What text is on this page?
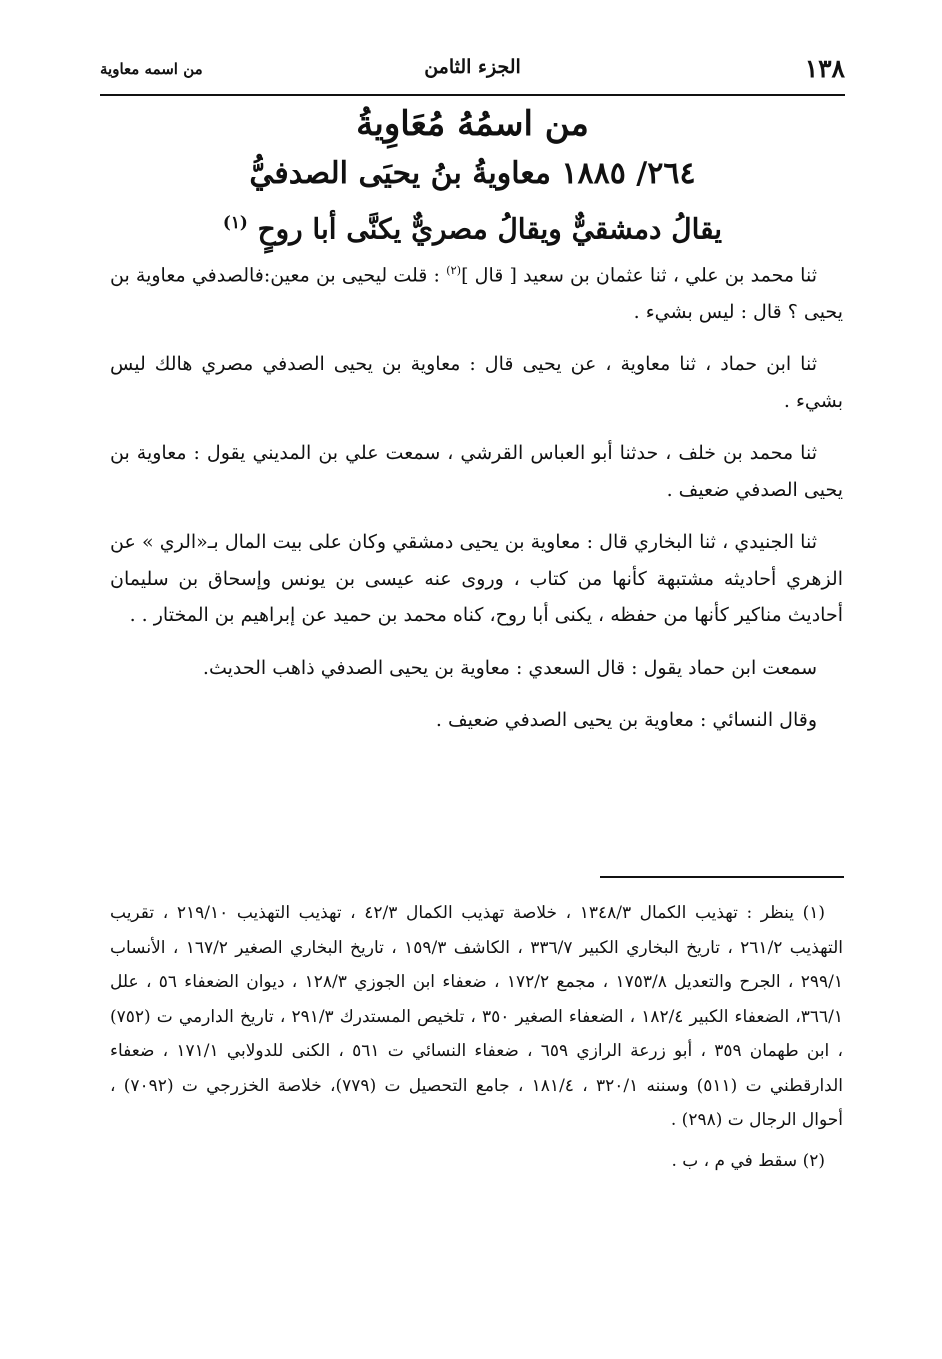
١٣٨
الجزء الثامن
من اسمه معاوية
من اسمُهُ مُعَاوِيةُ
٢٦٤/ ١٨٨٥ معاويةُ بنُ يحيَى الصدفيُّ
يقالُ دمشقيٌّ ويقالُ مصريٌّ يكنَّى أبا روحٍ $^{(١)}$

ثنا محمد بن علي ، ثنا عثمان بن سعيد [ قال ]$^{(٢)}$ : قلت ليحيى بن معين:فالصدفي معاوية بن يحيى ؟ قال : ليس بشيء .

ثنا ابن حماد ، ثنا معاوية ، عن يحيى قال : معاوية بن يحيى الصدفي مصري هالك ليس بشيء .

ثنا محمد بن خلف ، حدثنا أبو العباس القرشي ، سمعت علي بن المديني يقول : معاوية بن يحيى الصدفي ضعيف .

ثنا الجنيدي ، ثنا البخاري قال : معاوية بن يحيى دمشقي وكان على بيت المال بـ«الري » عن الزهري أحاديثه مشتبهة كأنها من كتاب ، وروى عنه عيسى بن يونس وإسحاق بن سليمان أحاديث مناكير كأنها من حفظه ، يكنى أبا روح، كناه محمد بن حميد عن إبراهيم بن المختار . .

سمعت ابن حماد يقول : قال السعدي : معاوية بن يحيى الصدفي ذاهب الحديث.

وقال النسائي : معاوية بن يحيى الصدفي ضعيف .

(١) ينظر : تهذيب الكمال ١٣٤٨/٣ ، خلاصة تهذيب الكمال ٤٢/٣ ، تهذيب التهذيب ٢١٩/١٠ ، تقريب التهذيب ٢٦١/٢ ، تاريخ البخاري الكبير ٣٣٦/٧ ، الكاشف ١٥٩/٣ ، تاريخ البخاري الصغير ١٦٧/٢ ، الأنساب ٢٩٩/١ ، الجرح والتعديل ١٧٥٣/٨ ، مجمع ١٧٢/٢ ، ضعفاء ابن الجوزي ١٢٨/٣ ، ديوان الضعفاء ٥٦ ، علل ٣٦٦/١، الضعفاء الكبير ١٨٢/٤ ، الضعفاء الصغير ٣٥٠ ، تلخيص المستدرك ٢٩١/٣ ، تاريخ الدارمي ت (٧٥٢) ، ابن طهمان ٣٥٩ ، أبو زرعة الرازي ٦٥٩ ، ضعفاء النسائي ت ٥٦١ ، الكنى للدولابي ١٧١/١ ، ضعفاء الدارقطني ت (٥١١) وسننه ٣٢٠/١ ، ١٨١/٤ ، جامع التحصيل ت (٧٧٩)، خلاصة الخزرجي ت (٧٠٩٢) ، أحوال الرجال ت (٢٩٨) .

(٢) سقط في م ، ب .
